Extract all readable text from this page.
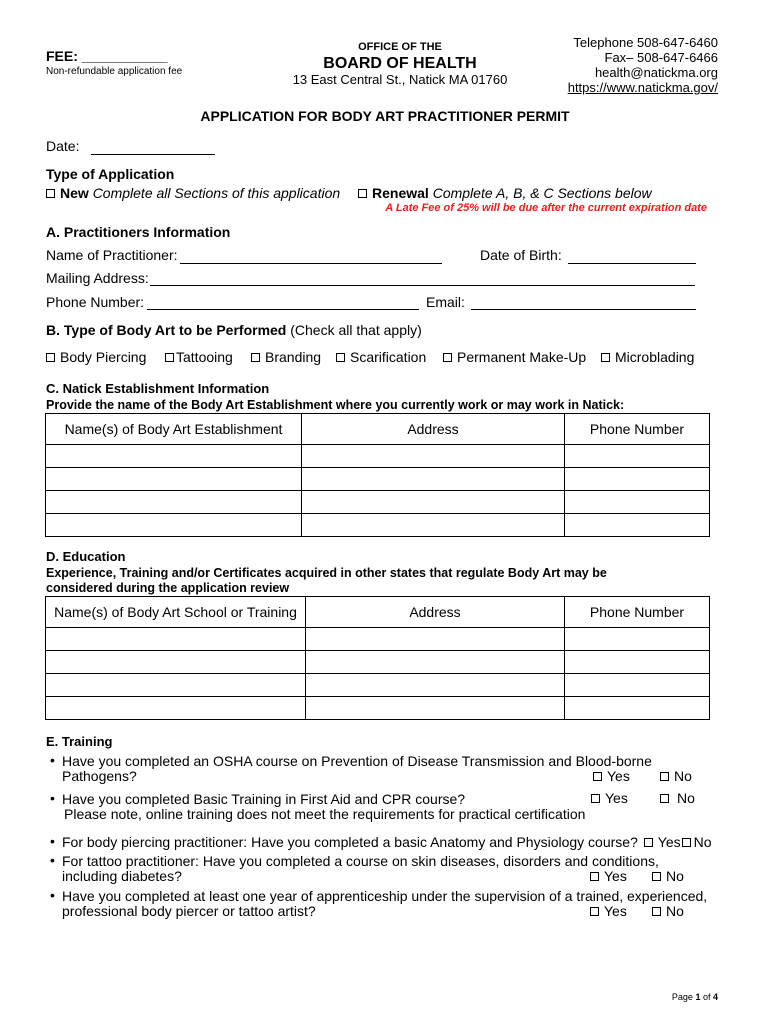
FEE: ___________
Non-refundable application fee
OFFICE OF THE
BOARD OF HEALTH
13 East Central St., Natick MA 01760
Telephone 508-647-6460
Fax– 508-647-6466
health@natickma.org
https://www.natickma.gov/
APPLICATION FOR BODY ART PRACTITIONER PERMIT
Date:
Type of Application
New Complete all Sections of this application	Renewal Complete A, B, & C Sections below
A Late Fee of 25% will be due after the current expiration date
A. Practitioners Information
Name of Practitioner:	Date of Birth:
Mailing Address:
Phone Number:	Email:
B. Type of Body Art to be Performed (Check all that apply)
Body Piercing	Tattooing	Branding	Scarification	Permanent Make-Up	Microblading
C. Natick Establishment Information
Provide the name of the Body Art Establishment where you currently work or may work in Natick:
Name(s) of Body Art Establishment	Address	Phone Number

D. Education
Experience, Training and/or Certificates acquired in other states that regulate Body Art may be
considered during the application review
Name(s) of Body Art School or Training	Address	Phone Number

E. Training
• Have you completed an OSHA course on Prevention of Disease Transmission and Blood-borne
Pathogens?	Yes	No
• Have you completed Basic Training in First Aid and CPR course?	Yes	No
Please note, online training does not meet the requirements for practical certification
• For body piercing practitioner: Have you completed a basic Anatomy and Physiology course? Yes No
• For tattoo practitioner: Have you completed a course on skin diseases, disorders and conditions,
including diabetes?	Yes	No
• Have you completed at least one year of apprenticeship under the supervision of a trained, experienced,
professional body piercer or tattoo artist?	Yes	No
Page 1 of 4
